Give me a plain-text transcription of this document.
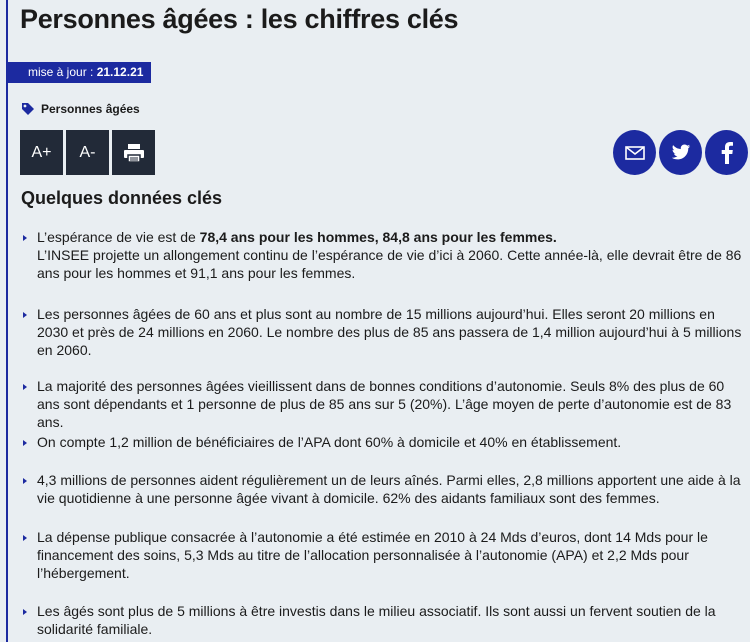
Personnes âgées : les chiffres clés
mise à jour : 21.12.21
Personnes âgées
A+ A-
Quelques données clés
L’espérance de vie est de 78,4 ans pour les hommes, 84,8 ans pour les femmes.
L’INSEE projette un allongement continu de l’espérance de vie d’ici à 2060. Cette année-là, elle devrait être de 86 ans pour les hommes et 91,1 ans pour les femmes.
Les personnes âgées de 60 ans et plus sont au nombre de 15 millions aujourd’hui. Elles seront 20 millions en 2030 et près de 24 millions en 2060. Le nombre des plus de 85 ans passera de 1,4 million aujourd’hui à 5 millions en 2060.
La majorité des personnes âgées vieillissent dans de bonnes conditions d’autonomie. Seuls 8% des plus de 60 ans sont dépendants et 1 personne de plus de 85 ans sur 5 (20%). L’âge moyen de perte d’autonomie est de 83 ans.
On compte 1,2 million de bénéficiaires de l’APA dont 60% à domicile et 40% en établissement.
4,3 millions de personnes aident régulièrement un de leurs aînés. Parmi elles, 2,8 millions apportent une aide à la vie quotidienne à une personne âgée vivant à domicile. 62% des aidants familiaux sont des femmes.
La dépense publique consacrée à l’autonomie a été estimée en 2010 à 24 Mds d’euros, dont 14 Mds pour le financement des soins, 5,3 Mds au titre de l’allocation personnalisée à l’autonomie (APA) et 2,2 Mds pour l’hébergement.
Les âgés sont plus de 5 millions à être investis dans le milieu associatif. Ils sont aussi un fervent soutien de la solidarité familiale.
